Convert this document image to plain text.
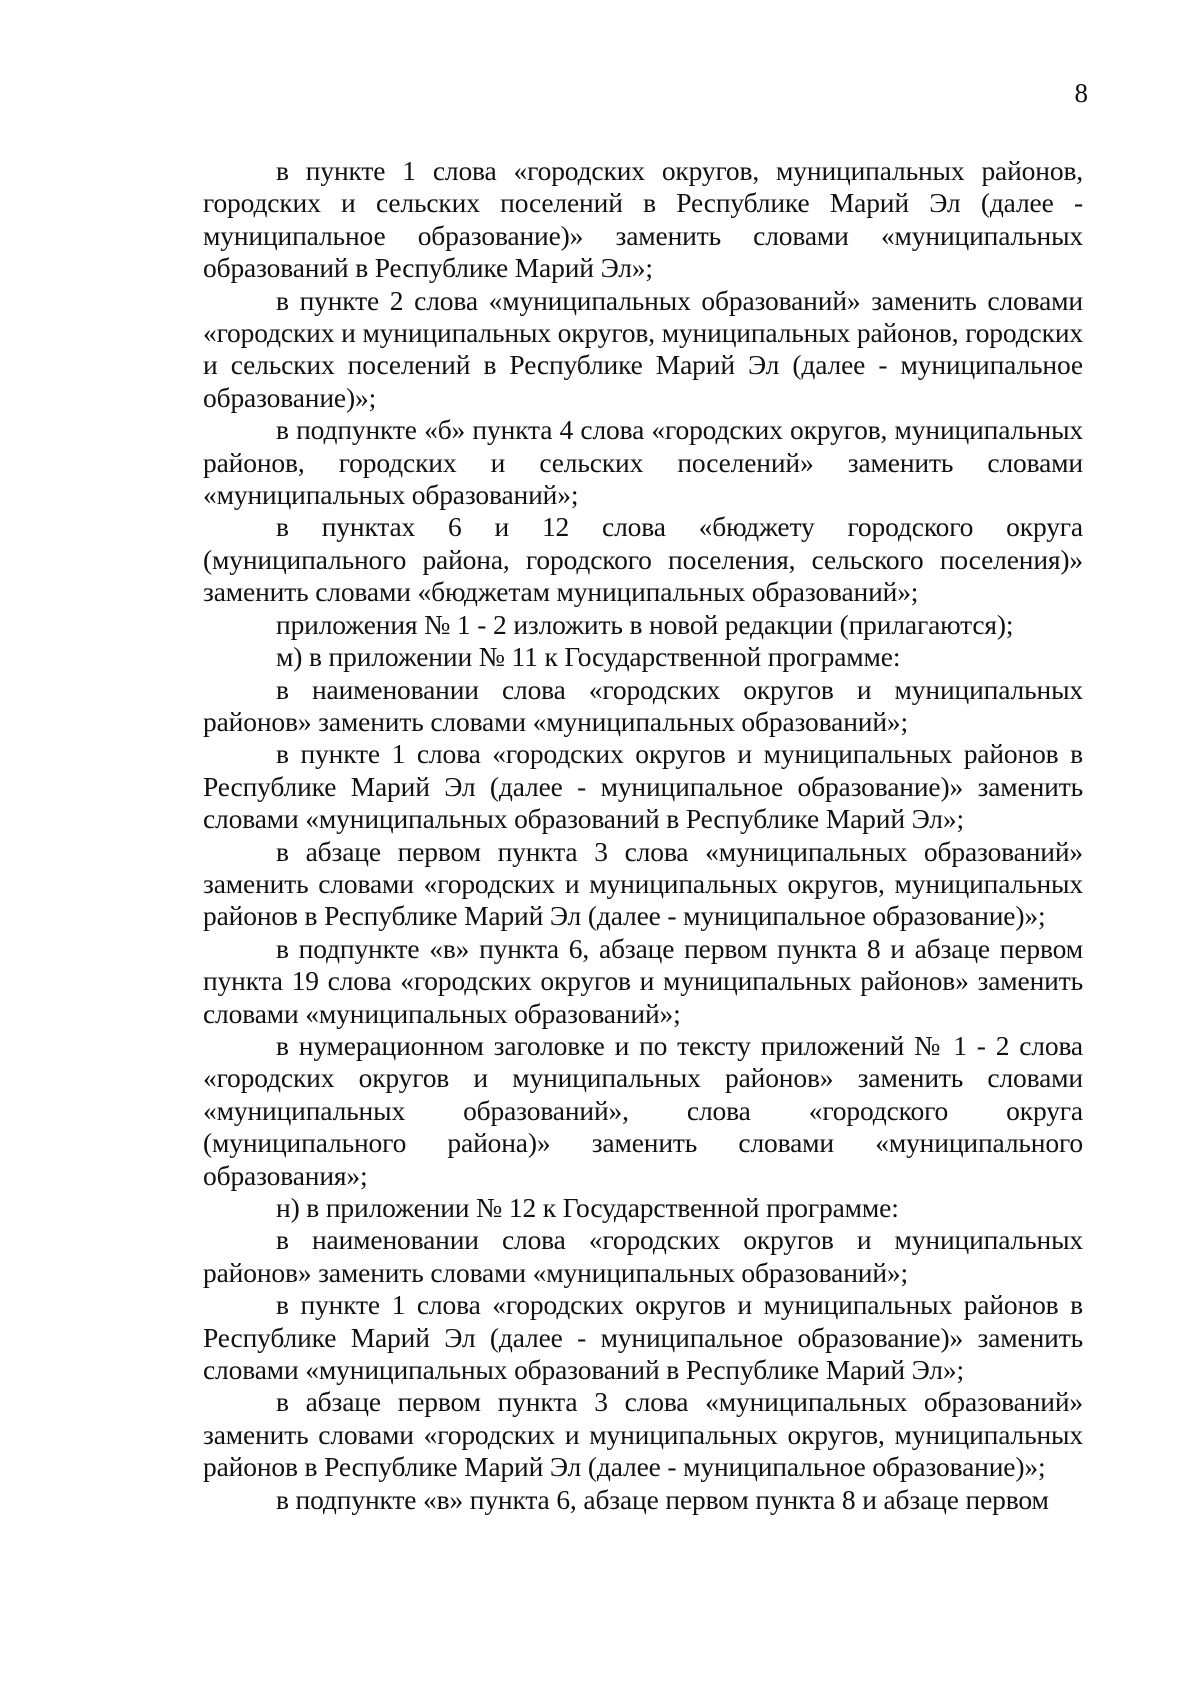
8

в пункте 1 слова «городских округов, муниципальных районов, городских и сельских поселений в Республике Марий Эл (далее - муниципальное образование)» заменить словами «муниципальных образований в Республике Марий Эл»;

в пункте 2 слова «муниципальных образований» заменить словами «городских и муниципальных округов, муниципальных районов, городских и сельских поселений в Республике Марий Эл (далее - муниципальное образование)»;

в подпункте «б» пункта 4 слова «городских округов, муниципальных районов, городских и сельских поселений» заменить словами «муниципальных образований»;

в пунктах 6 и 12 слова «бюджету городского округа (муниципального района, городского поселения, сельского поселения)» заменить словами «бюджетам муниципальных образований»;

приложения № 1 - 2 изложить в новой редакции (прилагаются);

м) в приложении № 11 к Государственной программе:

в наименовании слова «городских округов и муниципальных районов» заменить словами «муниципальных образований»;

в пункте 1 слова «городских округов и муниципальных районов в Республике Марий Эл (далее - муниципальное образование)» заменить словами «муниципальных образований в Республике Марий Эл»;

в абзаце первом пункта 3 слова «муниципальных образований» заменить словами «городских и муниципальных округов, муниципальных районов в Республике Марий Эл (далее - муниципальное образование)»;

в подпункте «в» пункта 6, абзаце первом пункта 8 и абзаце первом пункта 19 слова «городских округов и муниципальных районов» заменить словами «муниципальных образований»;

в нумерационном заголовке и по тексту приложений № 1 - 2 слова «городских округов и муниципальных районов» заменить словами «муниципальных образований», слова «городского округа (муниципального района)» заменить словами «муниципального образования»;

н) в приложении № 12 к Государственной программе:

в наименовании слова «городских округов и муниципальных районов» заменить словами «муниципальных образований»;

в пункте 1 слова «городских округов и муниципальных районов в Республике Марий Эл (далее - муниципальное образование)» заменить словами «муниципальных образований в Республике Марий Эл»;

в абзаце первом пункта 3 слова «муниципальных образований» заменить словами «городских и муниципальных округов, муниципальных районов в Республике Марий Эл (далее - муниципальное образование)»;

в подпункте «в» пункта 6, абзаце первом пункта 8 и абзаце первом
